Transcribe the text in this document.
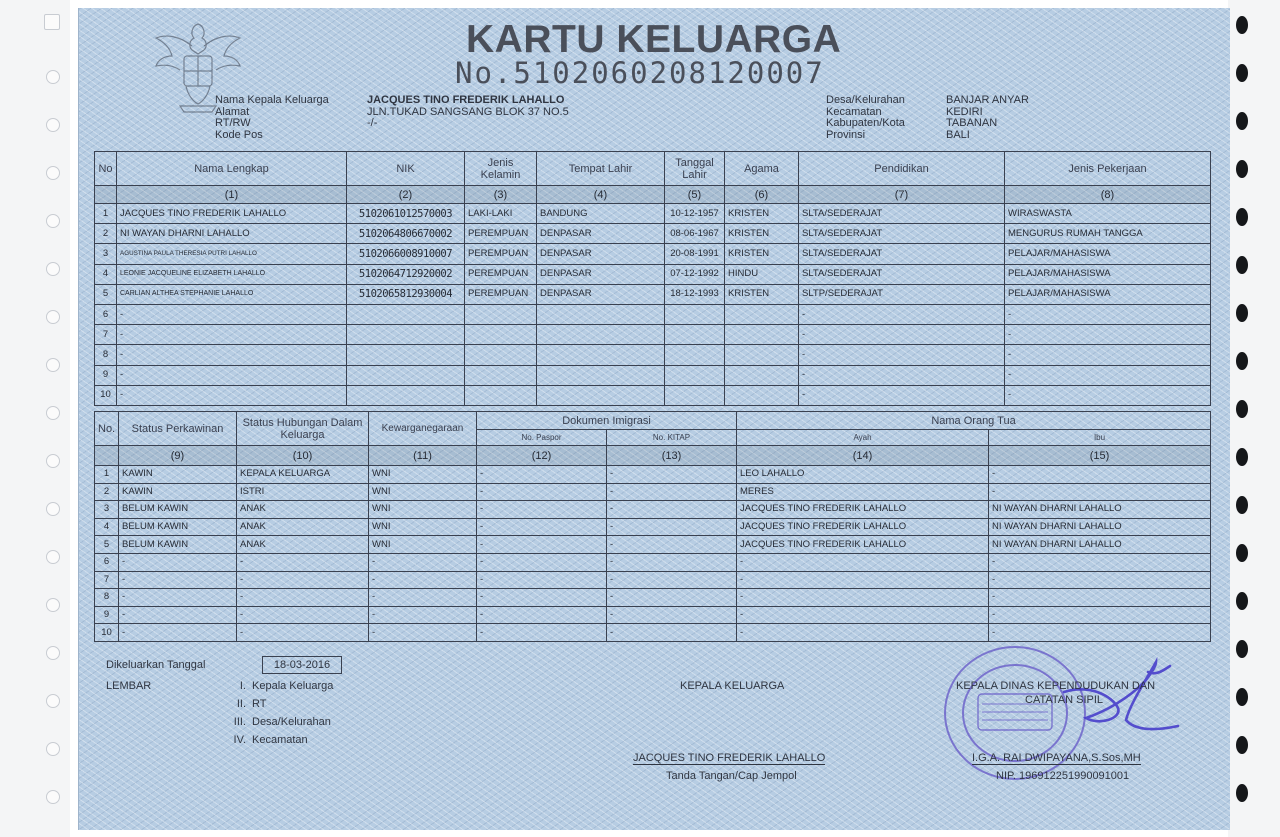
KARTU KELUARGA
No.5102060208120007
Nama Kepala Keluarga	JACQUES TINO FREDERIK LAHALLO
Alamat	JLN.TUKAD SANGSANG BLOK 37 NO.5
RT/RW	-/-
Kode Pos
Desa/Kelurahan	BANJAR ANYAR
Kecamatan	KEDIRI
Kabupaten/Kota	TABANAN
Provinsi	BALI
No	Nama Lengkap	NIK	Jenis Kelamin	Tempat Lahir	Tanggal Lahir	Agama	Pendidikan	Jenis Pekerjaan
	(1)	(2)	(3)	(4)	(5)	(6)	(7)	(8)
1	JACQUES TINO FREDERIK LAHALLO	5102061012570003	LAKI-LAKI	BANDUNG	10-12-1957	KRISTEN	SLTA/SEDERAJAT	WIRASWASTA
2	NI WAYAN DHARNI LAHALLO	5102064806670002	PEREMPUAN	DENPASAR	08-06-1967	KRISTEN	SLTA/SEDERAJAT	MENGURUS RUMAH TANGGA
3	AGUSTINA PAULA THERESIA PUTRI LAHALLO	5102066008910007	PEREMPUAN	DENPASAR	20-08-1991	KRISTEN	SLTA/SEDERAJAT	PELAJAR/MAHASISWA
4	LEONIE JACQUELINE ELIZABETH LAHALLO	5102064712920002	PEREMPUAN	DENPASAR	07-12-1992	HINDU	SLTA/SEDERAJAT	PELAJAR/MAHASISWA
5	CARLIAN ALTHEA STEPHANIE LAHALLO	5102065812930004	PEREMPUAN	DENPASAR	18-12-1993	KRISTEN	SLTP/SEDERAJAT	PELAJAR/MAHASISWA
6	-						-	-
7	-						-	-
8	-						-	-
9	-						-	-
10	-						-	-
No.	Status Perkawinan	Status Hubungan Dalam Keluarga	Kewarganegaraan	Dokumen Imigrasi		Nama Orang Tua	
				No. Paspor	No. KITAP	Ayah	Ibu
	(9)	(10)	(11)	(12)	(13)	(14)	(15)
1	KAWIN	KEPALA KELUARGA	WNI	-	-	LEO LAHALLO	-
2	KAWIN	ISTRI	WNI	-	-	MERES	-
3	BELUM KAWIN	ANAK	WNI	-	-	JACQUES TINO FREDERIK LAHALLO	NI WAYAN DHARNI LAHALLO
4	BELUM KAWIN	ANAK	WNI	-	-	JACQUES TINO FREDERIK LAHALLO	NI WAYAN DHARNI LAHALLO
5	BELUM KAWIN	ANAK	WNI	-	-	JACQUES TINO FREDERIK LAHALLO	NI WAYAN DHARNI LAHALLO
6	-	-	-	-	-	-	-
7	-	-	-	-	-	-	-
8	-	-	-	-	-	-	-
9	-	-	-	-	-	-	-
10	-	-	-	-	-	-	-
Dikeluarkan Tanggal	18-03-2016
LEMBAR	I. Kepala Keluarga
II. RT
III. Desa/Kelurahan
IV. Kecamatan
KEPALA KELUARGA
JACQUES TINO FREDERIK LAHALLO
Tanda Tangan/Cap Jempol
KEPALA DINAS KEPENDUDUKAN DAN
CATATAN SIPIL
I.G.A. RAI DWIPAYANA,S.Sos,MH
NIP. 196912251990091001
